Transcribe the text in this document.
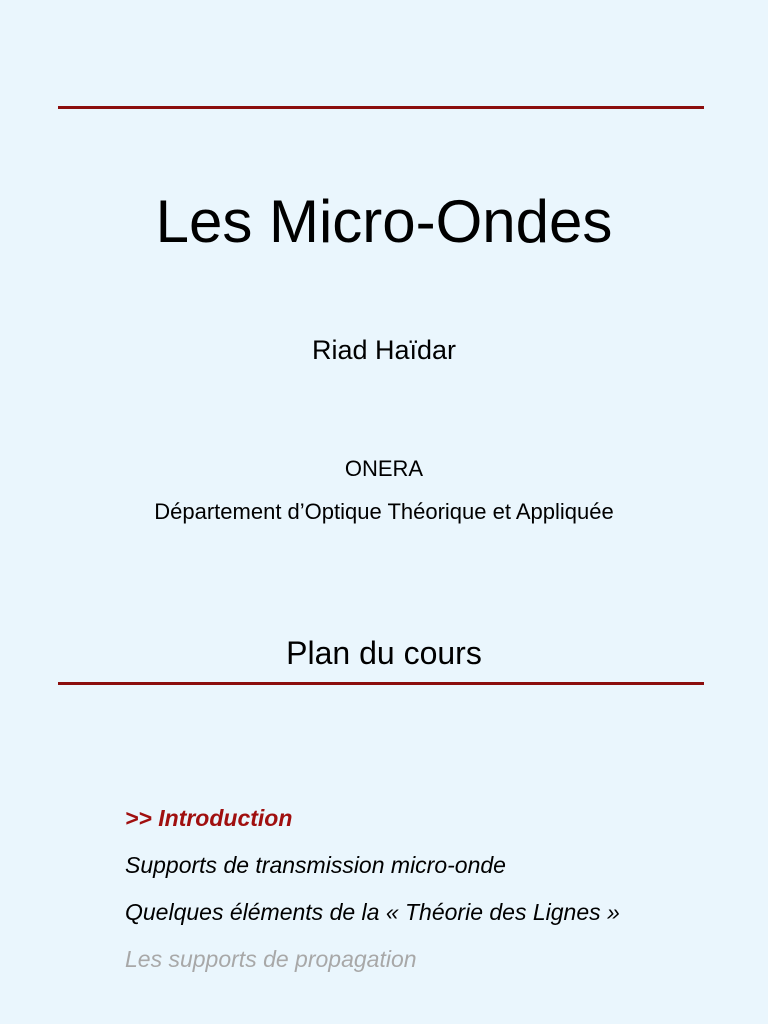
Les Micro-Ondes
Riad Haïdar
ONERA
Département d’Optique Théorique et Appliquée
Plan du cours
>> Introduction
Supports de transmission micro-onde
Quelques éléments de la « Théorie des Lignes »
Les supports de propagation
